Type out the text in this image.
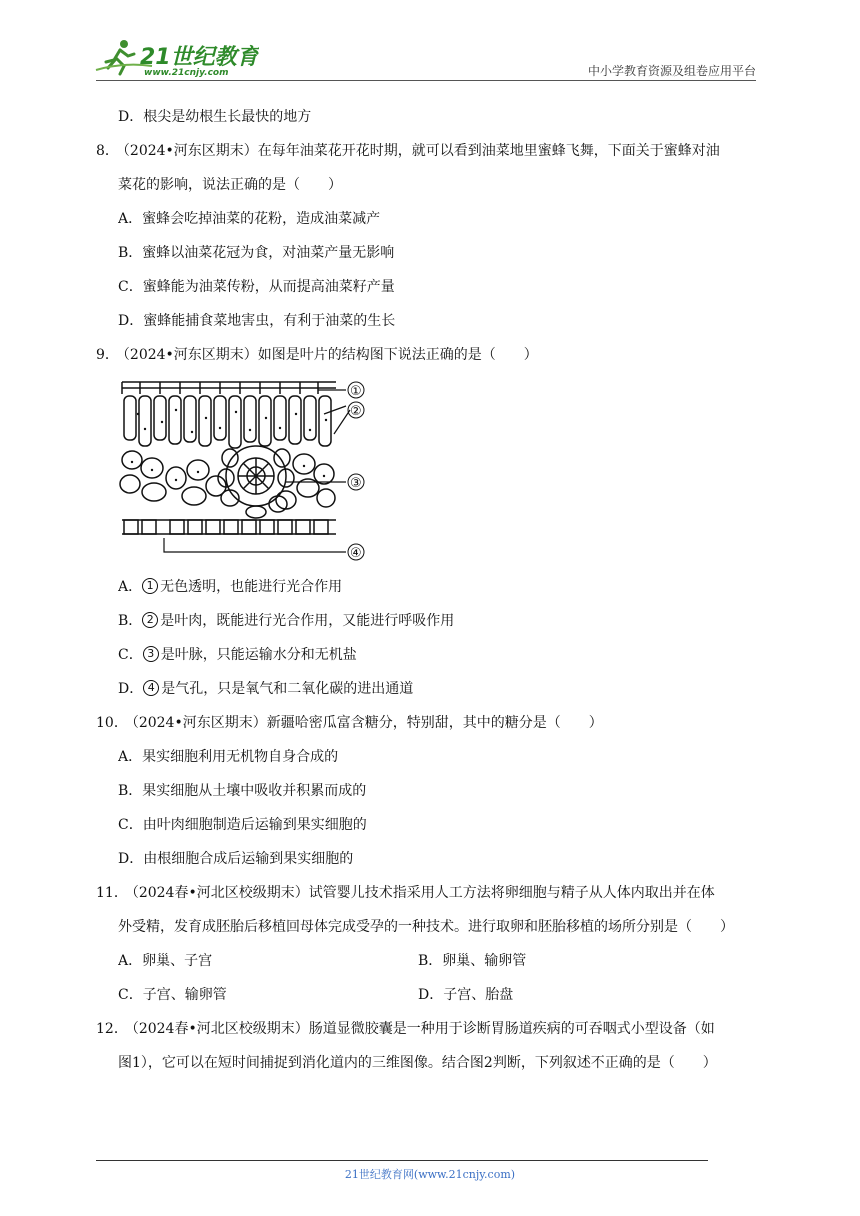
21世纪教育
www.21cnjy.com	中小学教育资源及组卷应用平台
D．根尖是幼根生长最快的地方
8． （2024•河东区期末）在每年油菜花开花时期，就可以看到油菜地里蜜蜂飞舞，下面关于蜜蜂对油
菜花的影响，说法正确的是（　　）
A．蜜蜂会吃掉油菜的花粉，造成油菜减产
B．蜜蜂以油菜花冠为食，对油菜产量无影响
C．蜜蜂能为油菜传粉，从而提高油菜籽产量
D．蜜蜂能捕食菜地害虫，有利于油菜的生长
9． （2024•河东区期末）如图是叶片的结构图下说法正确的是（　　）
A． 1 无色透明，也能进行光合作用
B． 2 是叶肉，既能进行光合作用，又能进行呼吸作用
C． 3 是叶脉，只能运输水分和无机盐
D． 4 是气孔，只是氧气和二氧化碳的进出通道
10． （2024•河东区期末）新疆哈密瓜富含糖分，特别甜，其中的糖分是（　　）
A．果实细胞利用无机物自身合成的
B．果实细胞从土壤中吸收并积累而成的
C．由叶肉细胞制造后运输到果实细胞的
D．由根细胞合成后运输到果实细胞的
11． （2024春•河北区校级期末）试管婴儿技术指采用人工方法将卵细胞与精子从人体内取出并在体
外受精，发育成胚胎后移植回母体完成受孕的一种技术。进行取卵和胚胎移植的场所分别是（　　）
A．卵巢、子宫	B．卵巢、输卵管
C．子宫、输卵管	D．子宫、胎盘
12． （2024春•河北区校级期末）肠道显微胶囊是一种用于诊断胃肠道疾病的可吞咽式小型设备（如
图1），它可以在短时间捕捉到消化道内的三维图像。结合图2判断，下列叙述不正确的是（　　）
①
②
③
④
21世纪教育网(www.21cnjy.com)
